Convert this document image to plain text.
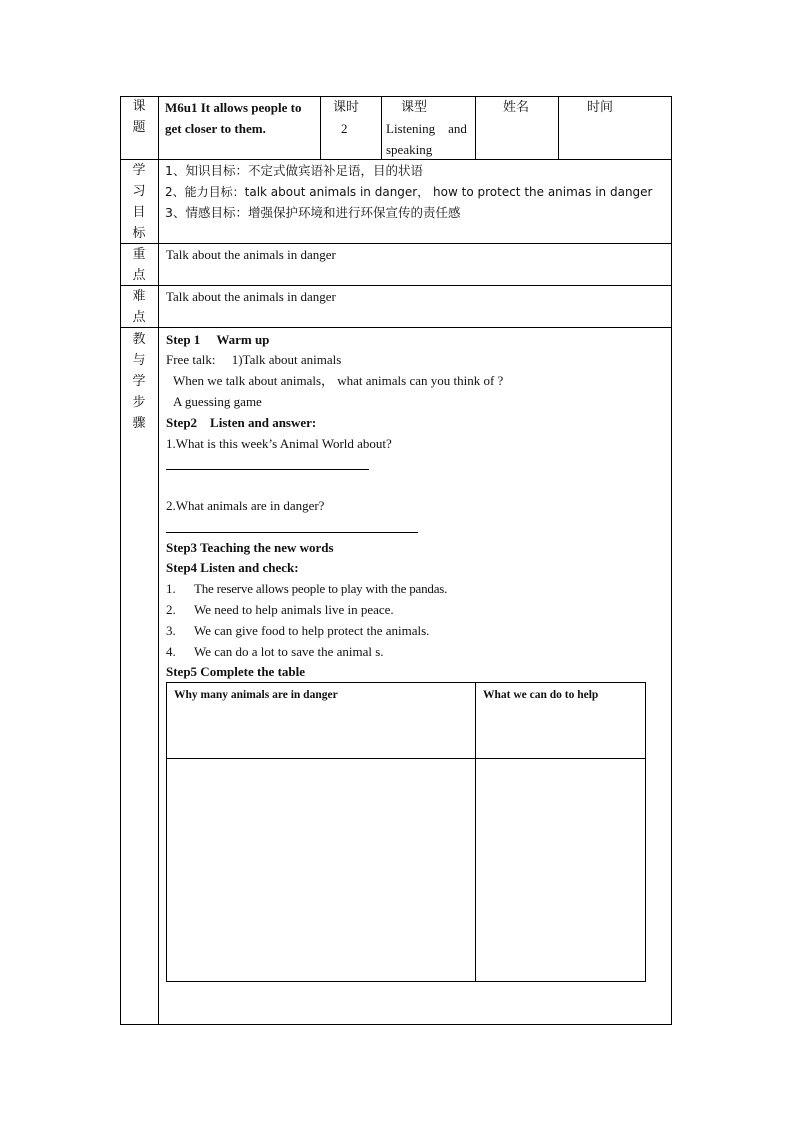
课
题
M6u1 It allows people to
get closer to them.
课时
2
课型
Listening    and
speaking
姓名	时间
学
习
目
标
1、知识目标：不定式做宾语补足语，目的状语
2、能力目标：talk about animals in danger， how to protect the animas in danger
3、情感目标：增强保护环境和进行环保宣传的责任感
重
点
Talk about the animals in danger
难
点
Talk about the animals in danger
教
与
学
步
骤
Step 1     Warm up
Free talk:     1)Talk about animals
When we talk about animals， what animals can you think of ?
A guessing game
Step2    Listen and answer:
1.What is this week’s Animal World about?
2.What animals are in danger?
Step3 Teaching the new words
Step4 Listen and check:
1. The reserve allows people to play with the pandas.
2. We need to help animals live in peace.
3. We can give food to help protect the animals.
4. We can do a lot to save the animal s.
Step5 Complete the table
Why many animals are in danger	What we can do to help
